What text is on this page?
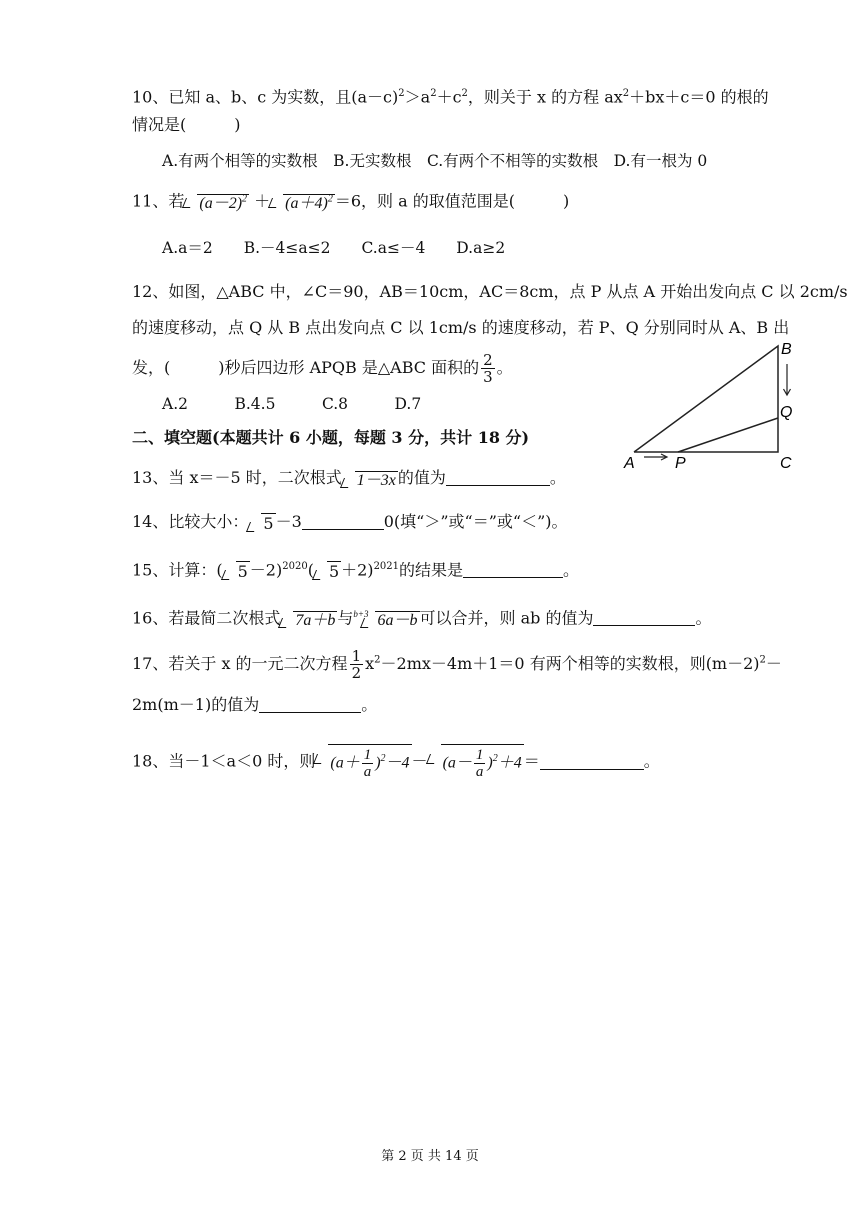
10、已知 a、b、c 为实数，且$(a-c)^2>a^2+c^2$，则关于 x 的方程 $ax^2+bx+c=0$ 的根的
情况是(　　　)
A.有两个相等的实数根　B.无实数根　C.有两个不相等的实数根　D.有一根为 0
11、若 $(a-2)^2 + (a+4)^2 =6$，则 a 的取值范围是(　　　)
A.a＝2　　B.－4≤a≤2　　C.a≤－4　　D.a≥2
12、如图，△ABC 中，∠C＝90，AB＝10cm，AC＝8cm，点 P 从点 A 开始出发向点 C 以 2cm/s
的速度移动，点 Q 从 B 点出发向点 C 以 1cm/s 的速度移动，若 P、Q 分别同时从 A、B 出
发，(　　　)秒后四边形 APQB 是△ABC 面积的 $\frac{2}{3}$ 。
A.2　　　B.4.5　　　C.8　　　D.7
A	P	C
B
Q
二、填空题(本题共计 6 小题，每题 3 分，共计 18 分)
13、当 x＝－5 时，二次根式 1－3x 的值为	。
14、比较大小： 5 －3	0(填“＞”或“＝”或“＜”)。
15、计算：( 5 －2)$^{2020}$( 5 ＋2)$^{2021}$的结果是	。
16、若最简二次根式 7a＋b 与$^{b+3}$ 6a－b 可以合并，则 ab 的值为	。
17、若关于 x 的一元二次方程 $\frac{1}{2} x^2-2mx-4m+1=0$ 有两个相等的实数根，则$(m-2)^2-$
2m(m－1)的值为	。
18、当－1＜a＜0 时，则 $(a+ \frac{1}{a} )^2-4 - (a- \frac{1}{a} )^2+4$ ＝	。
第 2 页 共 14 页
